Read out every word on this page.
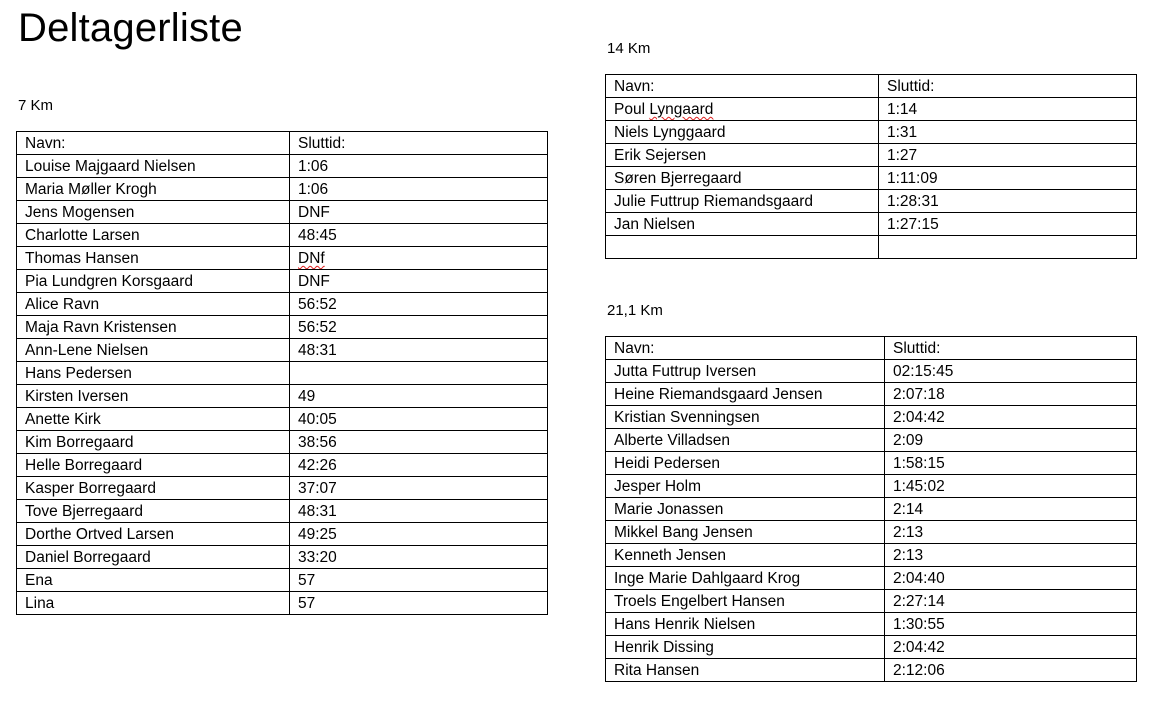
Deltagerliste
7 Km
Navn:	Sluttid:
Louise Majgaard Nielsen	1:06
Maria Møller Krogh	1:06
Jens Mogensen	DNF
Charlotte Larsen	48:45
Thomas Hansen	DNf
Pia Lundgren Korsgaard	DNF
Alice Ravn	56:52
Maja Ravn Kristensen	56:52
Ann-Lene Nielsen	48:31
Hans Pedersen	
Kirsten Iversen	49
Anette Kirk	40:05
Kim Borregaard	38:56
Helle Borregaard	42:26
Kasper Borregaard	37:07
Tove Bjerregaard	48:31
Dorthe Ortved Larsen	49:25
Daniel Borregaard	33:20
Ena	57
Lina	57
14 Km
Navn:	Sluttid:
Poul Lyngaard	1:14
Niels Lynggaard	1:31
Erik Sejersen	1:27
Søren Bjerregaard	1:11:09
Julie Futtrup Riemandsgaard	1:28:31
Jan Nielsen	1:27:15

21,1 Km
Navn:	Sluttid:
Jutta Futtrup Iversen	02:15:45
Heine Riemandsgaard Jensen	2:07:18
Kristian Svenningsen	2:04:42
Alberte Villadsen	2:09
Heidi Pedersen	1:58:15
Jesper Holm	1:45:02
Marie Jonassen	2:14
Mikkel Bang Jensen	2:13
Kenneth Jensen	2:13
Inge Marie Dahlgaard Krog	2:04:40
Troels Engelbert Hansen	2:27:14
Hans Henrik Nielsen	1:30:55
Henrik Dissing	2:04:42
Rita Hansen	2:12:06
